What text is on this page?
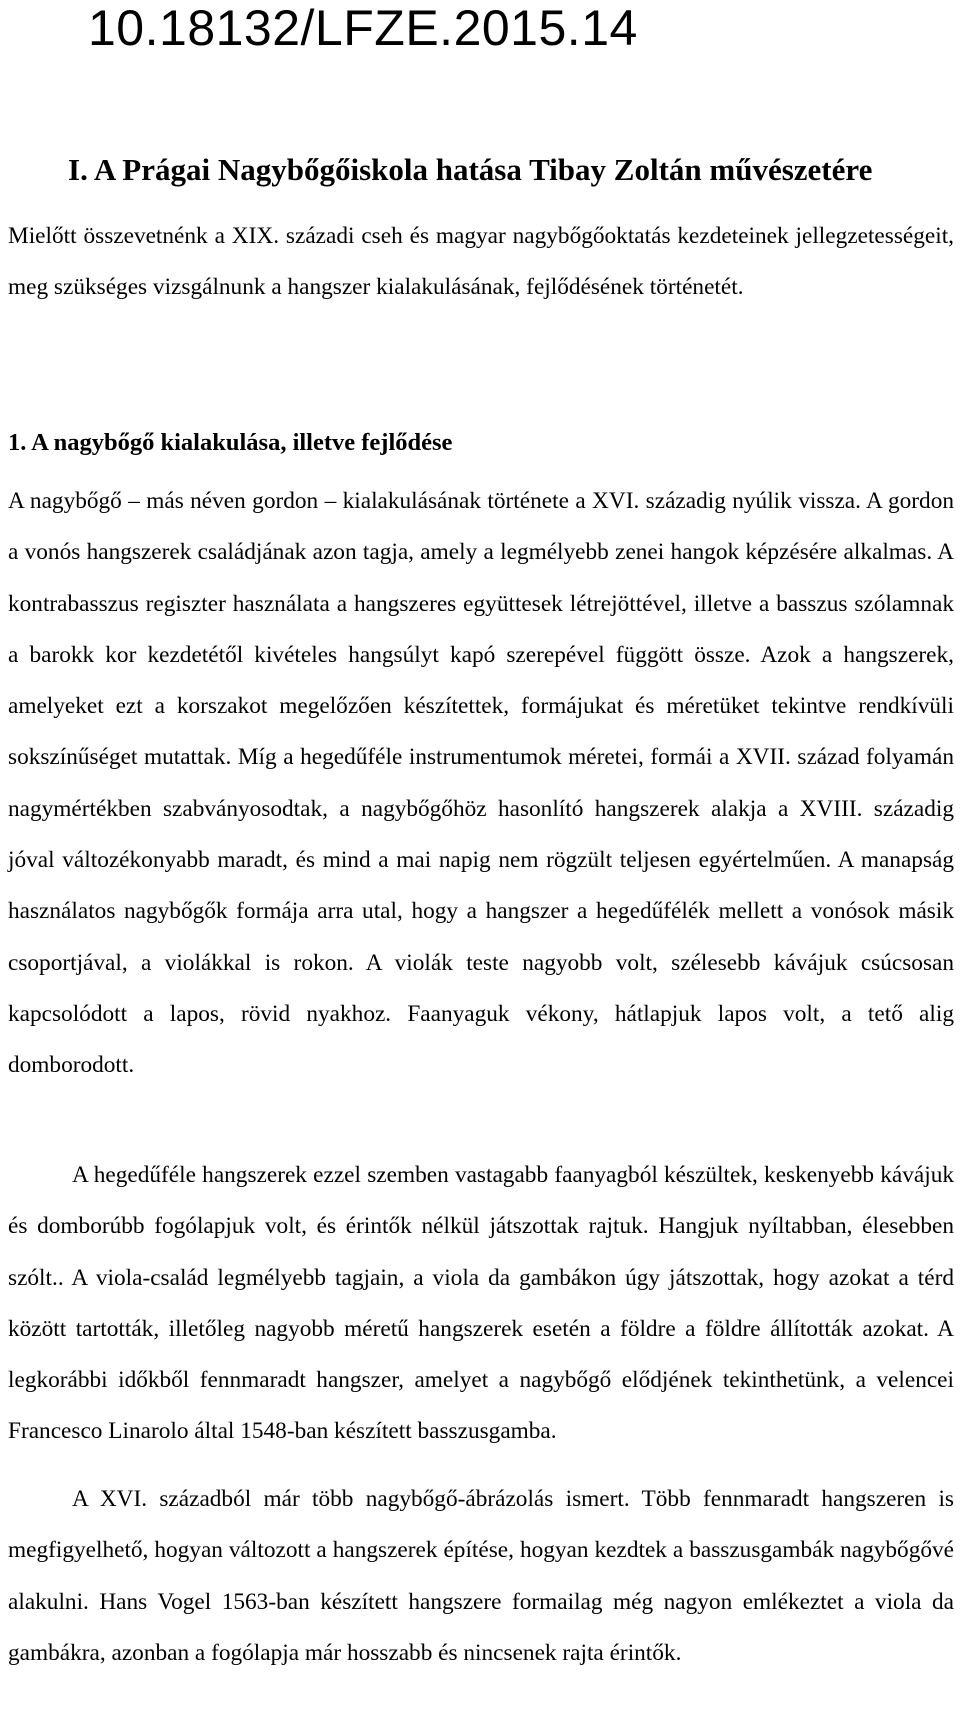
10.18132/LFZE.2015.14
I. A Prágai Nagybőgőiskola hatása Tibay Zoltán művészetére

Mielőtt összevetnénk a XIX. századi cseh és magyar nagybőgőoktatás kezdeteinek jellegzetességeit, meg szükséges vizsgálnunk a hangszer kialakulásának, fejlődésének történetét.

1. A nagybőgő kialakulása, illetve fejlődése

A nagybőgő – más néven gordon – kialakulásának története a XVI. századig nyúlik vissza. A gordon a vonós hangszerek családjának azon tagja, amely a legmélyebb zenei hangok képzésére alkalmas. A kontrabasszus regiszter használata a hangszeres együttesek létrejöttével, illetve a basszus szólamnak a barokk kor kezdetétől kivételes hangsúlyt kapó szerepével függött össze. Azok a hangszerek, amelyeket ezt a korszakot megelőzően készítettek, formájukat és méretüket tekintve rendkívüli sokszínűséget mutattak. Míg a hegedűféle instrumentumok méretei, formái a XVII. század folyamán nagymértékben szabványosodtak, a nagybőgőhöz hasonlító hangszerek alakja a XVIII. századig jóval változékonyabb maradt, és mind a mai napig nem rögzült teljesen egyértelműen. A manapság használatos nagybőgők formája arra utal, hogy a hangszer a hegedűfélék mellett a vonósok másik csoportjával, a violákkal is rokon. A violák teste nagyobb volt, szélesebb kávájuk csúcsosan kapcsolódott a lapos, rövid nyakhoz. Faanyaguk vékony, hátlapjuk lapos volt, a tető alig domborodott.

A hegedűféle hangszerek ezzel szemben vastagabb faanyagból készültek, keskenyebb kávájuk és domborúbb fogólapjuk volt, és érintők nélkül játszottak rajtuk. Hangjuk nyíltabban, élesebben szólt.. A viola-család legmélyebb tagjain, a viola da gambákon úgy játszottak, hogy azokat a térd között tartották, illetőleg nagyobb méretű hangszerek esetén a földre a földre állították azokat. A legkorábbi időkből fennmaradt hangszer, amelyet a nagybőgő elődjének tekinthetünk, a velencei Francesco Linarolo által 1548-ban készített basszusgamba.

A XVI. századból már több nagybőgő-ábrázolás ismert. Több fennmaradt hangszeren is megfigyelhető, hogyan változott a hangszerek építése, hogyan kezdtek a basszusgambák nagybőgővé alakulni. Hans Vogel 1563-ban készített hangszere formailag még nagyon emlékeztet a viola da gambákra, azonban a fogólapja már hosszabb és nincsenek rajta érintők.
